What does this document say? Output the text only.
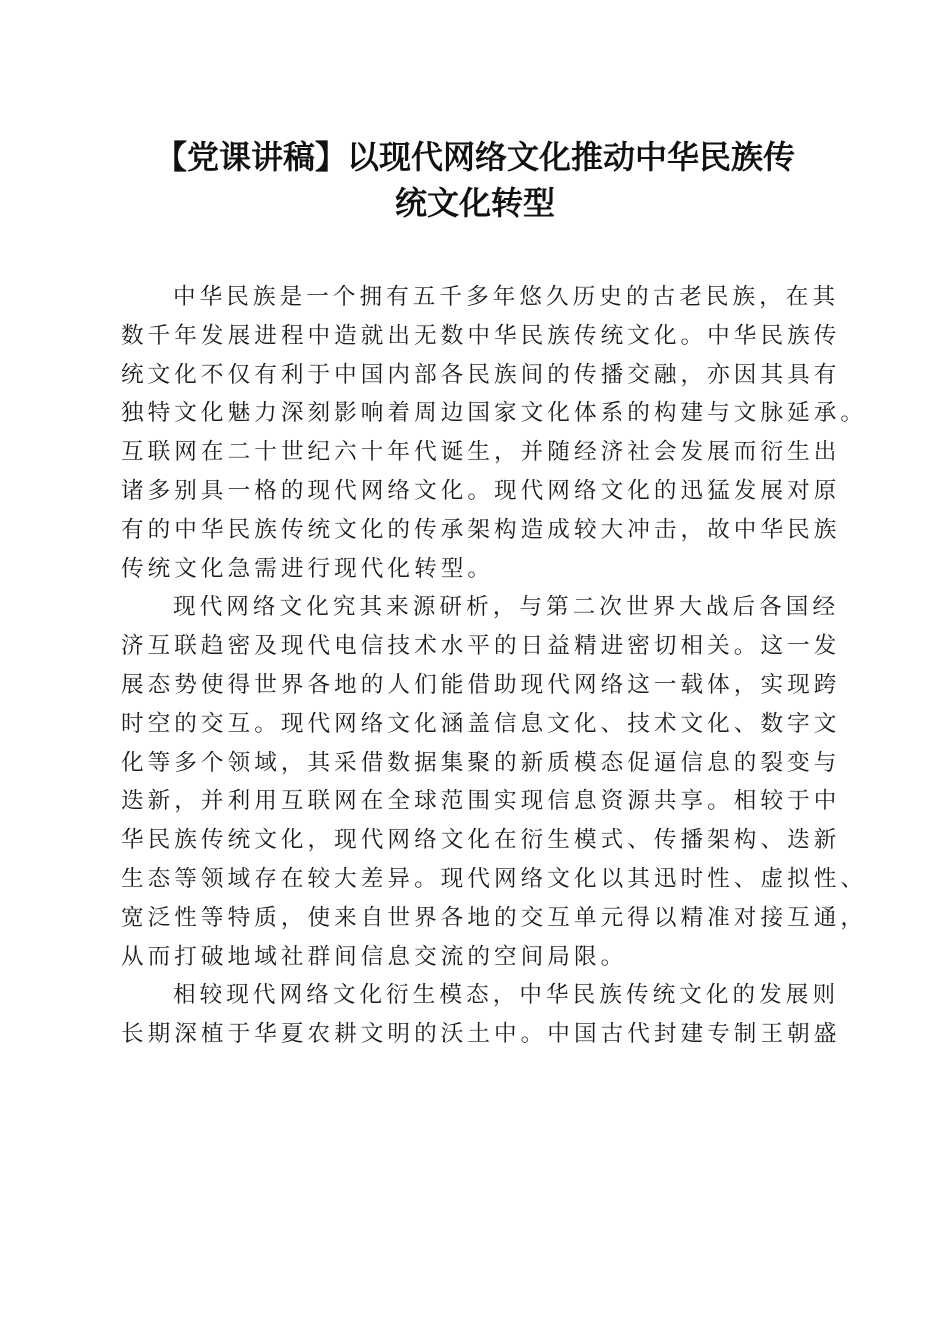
【党课讲稿】以现代网络文化推动中华民族传
统文化转型

中华民族是一个拥有五千多年悠久历史的古老民族，在其
数千年发展进程中造就出无数中华民族传统文化。中华民族传
统文化不仅有利于中国内部各民族间的传播交融，亦因其具有
独特文化魅力深刻影响着周边国家文化体系的构建与文脉延承。
互联网在二十世纪六十年代诞生，并随经济社会发展而衍生出
诸多别具一格的现代网络文化。现代网络文化的迅猛发展对原
有的中华民族传统文化的传承架构造成较大冲击，故中华民族
传统文化急需进行现代化转型。

现代网络文化究其来源研析，与第二次世界大战后各国经
济互联趋密及现代电信技术水平的日益精进密切相关。这一发
展态势使得世界各地的人们能借助现代网络这一载体，实现跨
时空的交互。现代网络文化涵盖信息文化、技术文化、数字文
化等多个领域，其采借数据集聚的新质模态促逼信息的裂变与
迭新，并利用互联网在全球范围实现信息资源共享。相较于中
华民族传统文化，现代网络文化在衍生模式、传播架构、迭新
生态等领域存在较大差异。现代网络文化以其迅时性、虚拟性、
宽泛性等特质，使来自世界各地的交互单元得以精准对接互通，
从而打破地域社群间信息交流的空间局限。

相较现代网络文化衍生模态，中华民族传统文化的发展则
长期深植于华夏农耕文明的沃土中。中国古代封建专制王朝盛
